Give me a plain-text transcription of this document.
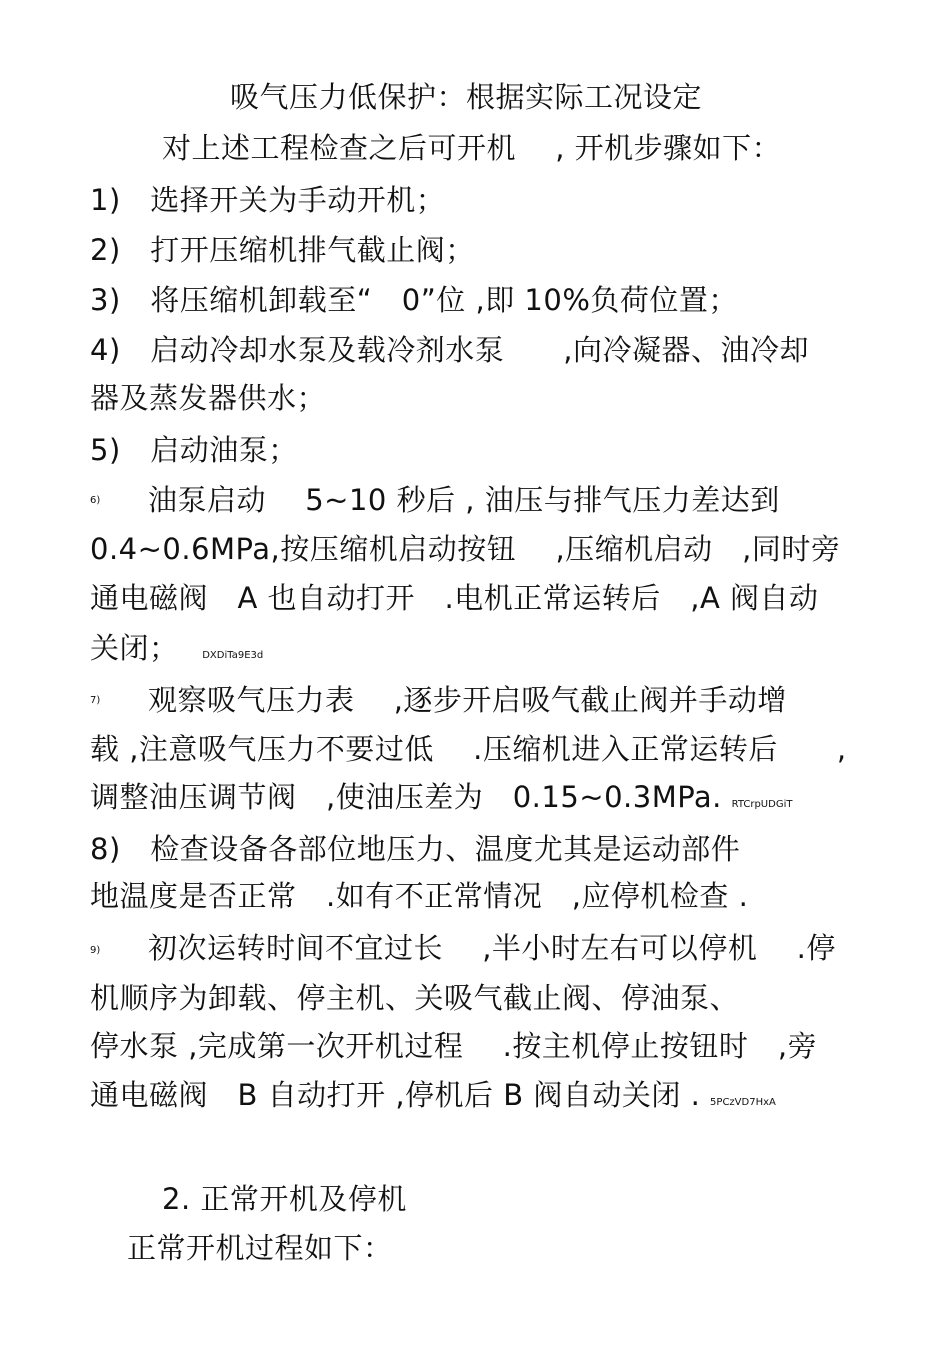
吸气压力低保护：根据实际工况设定
对上述工程检查之后可开机　 , 开机步骤如下：
1)　选择开关为手动开机；
2)　打开压缩机排气截止阀；
3)　将压缩机卸载至“　0”位 ,即 10%负荷位置；
4)　启动冷却水泵及载冷剂水泵　　,向冷凝器、油冷却
器及蒸发器供水；
5)　启动油泵；
6) 油泵启动　 5~10 秒后 , 油压与排气压力差达到
0.4~0.6MPa,按压缩机启动按钮　 ,压缩机启动　,同时旁
通电磁阀　A 也自动打开　.电机正常运转后　,A 阀自动
关闭； DXDiTa9E3d
7) 观察吸气压力表　 ,逐步开启吸气截止阀并手动增
载 ,注意吸气压力不要过低　 .压缩机进入正常运转后　　,
调整油压调节阀　,使油压差为　0.15~0.3MPa. RTCrpUDGiT
8)　检查设备各部位地压力、温度尤其是运动部件
地温度是否正常　.如有不正常情况　,应停机检查 .
9) 初次运转时间不宜过长　 ,半小时左右可以停机　 .停
机顺序为卸载、停主机、关吸气截止阀、停油泵、
停水泵 ,完成第一次开机过程　 .按主机停止按钮时　,旁
通电磁阀　B 自动打开 ,停机后 B 阀自动关闭 . 5PCzVD7HxA
2. 正常开机及停机
正常开机过程如下：
